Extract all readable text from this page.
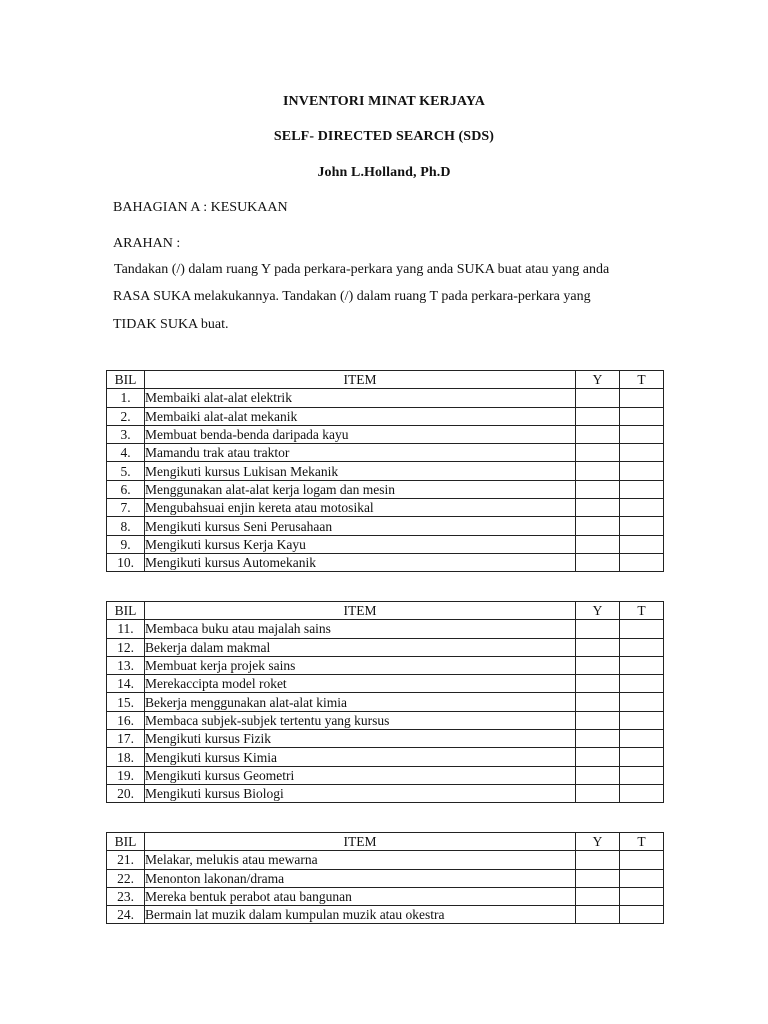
INVENTORI MINAT KERJAYA
SELF- DIRECTED SEARCH (SDS)
John L.Holland, Ph.D
BAHAGIAN A : KESUKAAN
ARAHAN :
Tandakan (/) dalam ruang Y pada perkara-perkara yang anda SUKA buat atau yang anda
RASA SUKA melakukannya. Tandakan (/) dalam ruang T pada perkara-perkara yang
TIDAK SUKA buat.
BIL	ITEM	Y	T
1.	Membaiki alat-alat elektrik		
2.	Membaiki alat-alat mekanik		
3.	Membuat benda-benda daripada kayu		
4.	Mamandu trak atau traktor		
5.	Mengikuti kursus Lukisan Mekanik		
6.	Menggunakan alat-alat kerja logam dan mesin		
7.	Mengubahsuai enjin kereta atau motosikal		
8.	Mengikuti kursus Seni Perusahaan		
9.	Mengikuti kursus Kerja Kayu		
10.	Mengikuti kursus Automekanik		
BIL	ITEM	Y	T
11.	Membaca buku atau majalah sains		
12.	Bekerja dalam makmal		
13.	Membuat kerja projek sains		
14.	Merekaccipta model roket		
15.	Bekerja menggunakan alat-alat kimia		
16.	Membaca subjek-subjek tertentu yang kursus		
17.	Mengikuti kursus Fizik		
18.	Mengikuti kursus Kimia		
19.	Mengikuti kursus Geometri		
20.	Mengikuti kursus Biologi		
BIL	ITEM	Y	T
21.	Melakar, melukis atau mewarna		
22.	Menonton lakonan/drama		
23.	Mereka bentuk perabot atau bangunan		
24.	Bermain lat muzik dalam kumpulan muzik atau okestra		
